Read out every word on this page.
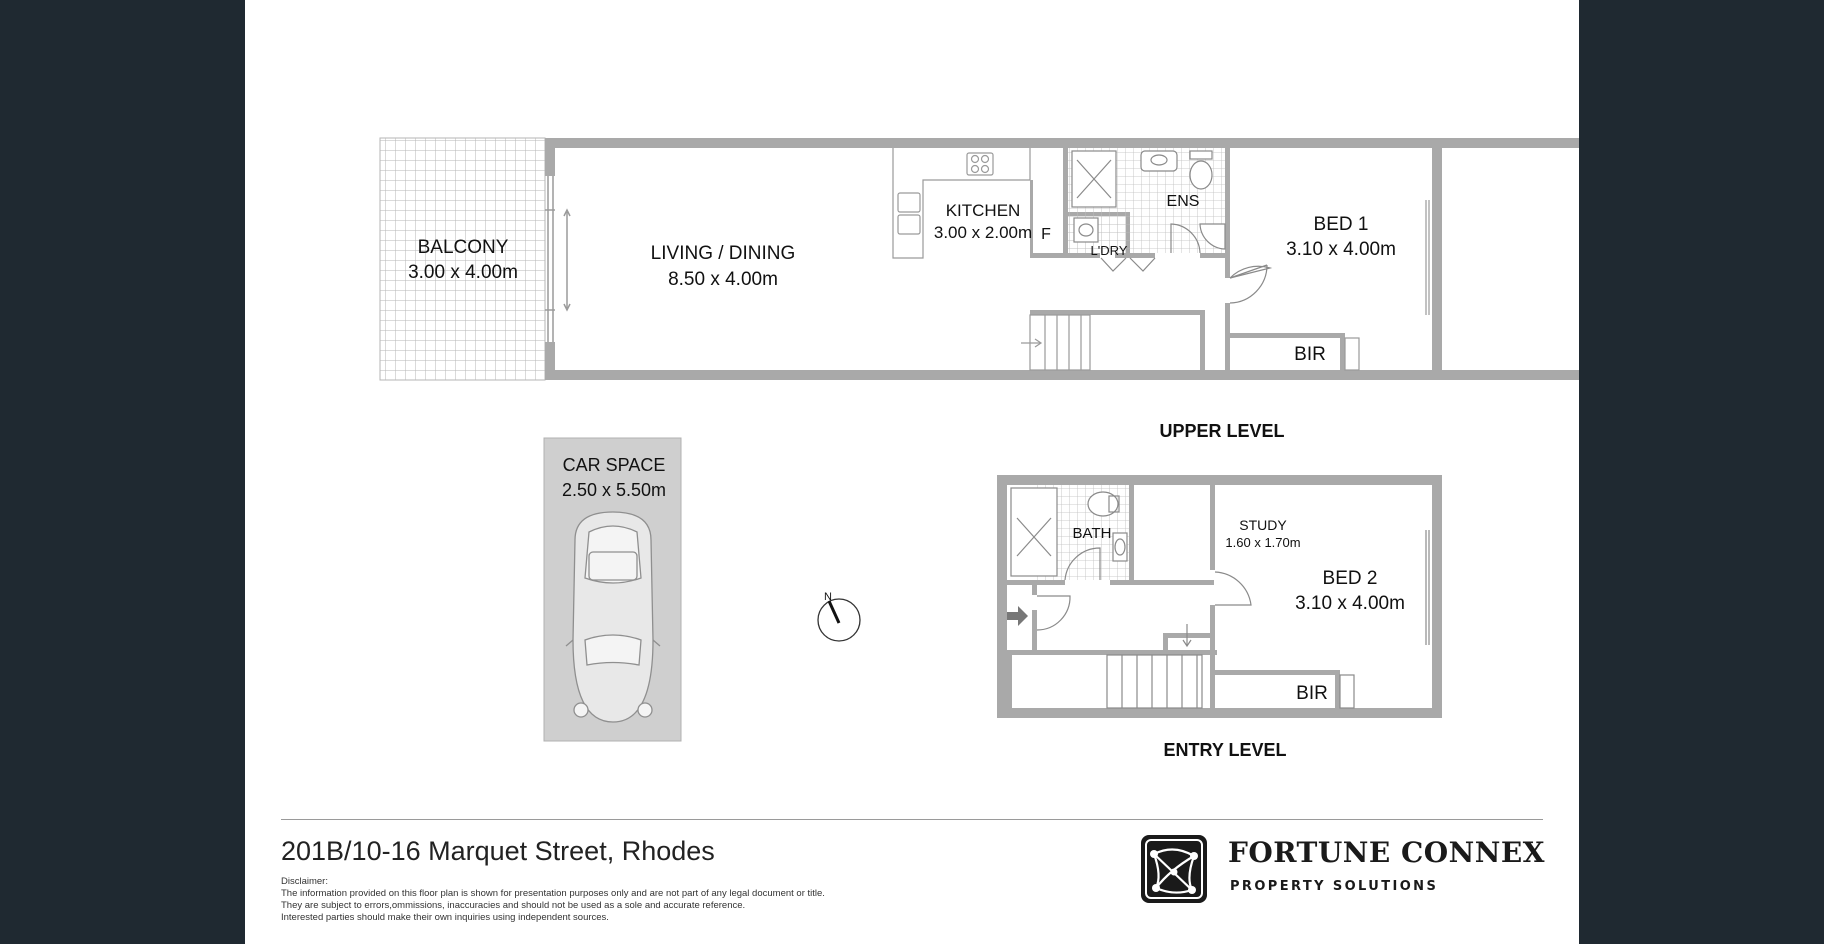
BALCONY
3.00 x 4.00m
LIVING / DINING
8.50 x 4.00m
KITCHEN
3.00 x 2.00m F
L'DRY
ENS
BED 1
3.10 x 4.00m
BIR
UPPER LEVEL
CAR SPACE
2.50 x 5.50m
N
BATH	STUDY
1.60 x 1.70m
BED 2
3.10 x 4.00m
BIR
ENTRY LEVEL
201B/10-16 Marquet Street, Rhodes
Disclaimer:
The information provided on this floor plan is shown for presentation purposes only and are not part of any legal document or title.
They are subject to errors,ommissions, inaccuracies and should not be used as a sole and accurate reference.
Interested parties should make their own inquiries using independent sources.
FORTUNE CONNEX
PROPERTY SOLUTIONS
